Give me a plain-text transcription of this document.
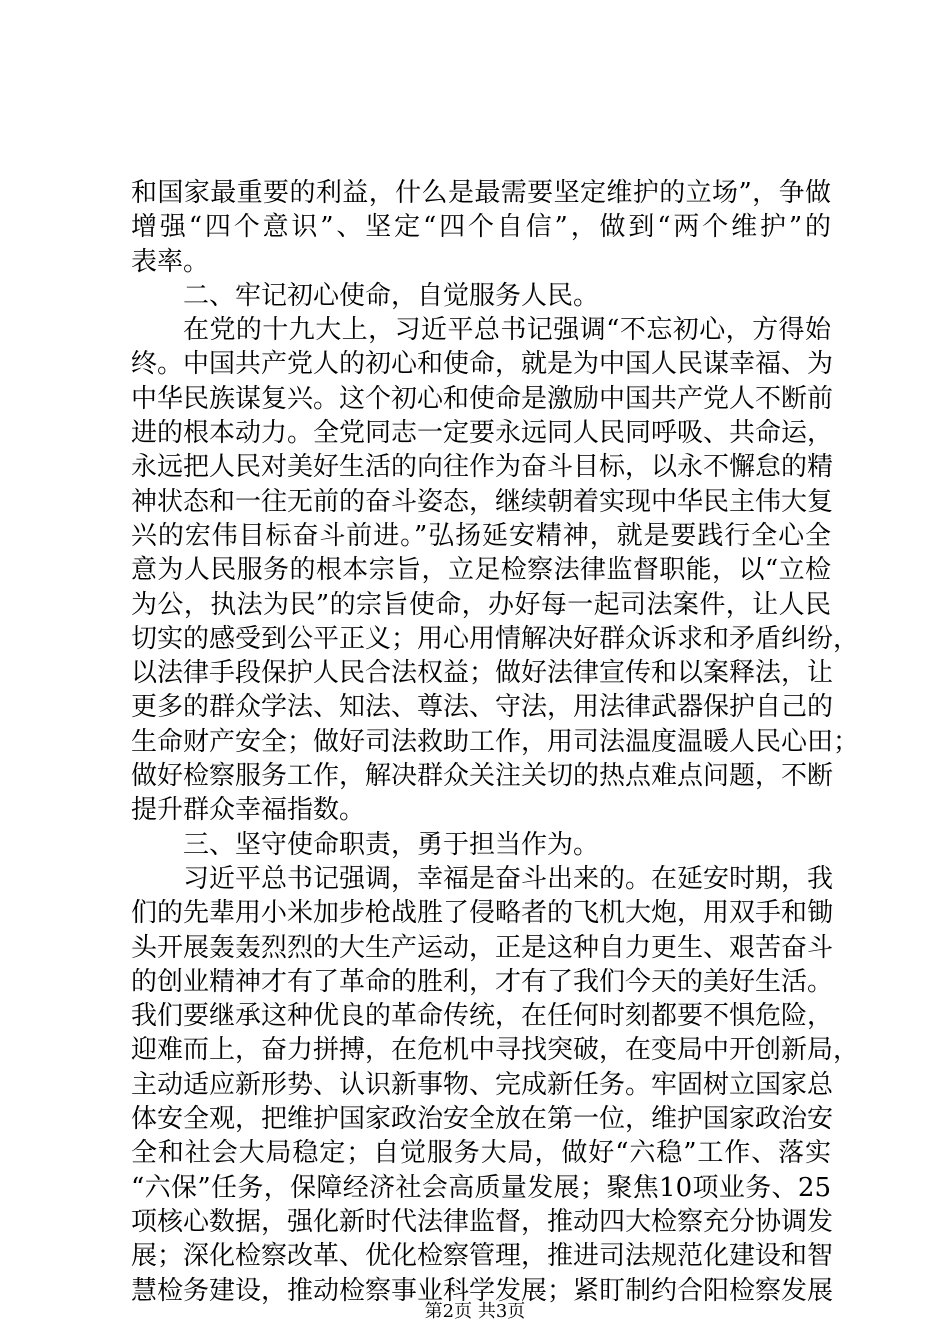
和国家最重要的利益，什么是最需要坚定维护的立场”，争做
增强“四个意识”、坚定“四个自信”，做到“两个维护”的
表率。
二、牢记初心使命，自觉服务人民。
在党的十九大上，习近平总书记强调“不忘初心，方得始
终。中国共产党人的初心和使命，就是为中国人民谋幸福、为
中华民族谋复兴。这个初心和使命是激励中国共产党人不断前
进的根本动力。全党同志一定要永远同人民同呼吸、共命运，
永远把人民对美好生活的向往作为奋斗目标，以永不懈怠的精
神状态和一往无前的奋斗姿态，继续朝着实现中华民主伟大复
兴的宏伟目标奋斗前进。”弘扬延安精神，就是要践行全心全
意为人民服务的根本宗旨，立足检察法律监督职能，以“立检
为公，执法为民”的宗旨使命，办好每一起司法案件，让人民
切实的感受到公平正义；用心用情解决好群众诉求和矛盾纠纷，
以法律手段保护人民合法权益；做好法律宣传和以案释法，让
更多的群众学法、知法、尊法、守法，用法律武器保护自己的
生命财产安全；做好司法救助工作，用司法温度温暖人民心田；
做好检察服务工作，解决群众关注关切的热点难点问题，不断
提升群众幸福指数。
三、坚守使命职责，勇于担当作为。
习近平总书记强调，幸福是奋斗出来的。在延安时期，我
们的先辈用小米加步枪战胜了侵略者的飞机大炮，用双手和锄
头开展轰轰烈烈的大生产运动，正是这种自力更生、艰苦奋斗
的创业精神才有了革命的胜利，才有了我们今天的美好生活。
我们要继承这种优良的革命传统，在任何时刻都要不惧危险，
迎难而上，奋力拼搏，在危机中寻找突破，在变局中开创新局，
主动适应新形势、认识新事物、完成新任务。牢固树立国家总
体安全观，把维护国家政治安全放在第一位，维护国家政治安
全和社会大局稳定；自觉服务大局，做好“六稳”工作、落实
“六保”任务，保障经济社会高质量发展；聚焦10项业务、25
项核心数据，强化新时代法律监督，推动四大检察充分协调发
展；深化检察改革、优化检察管理，推进司法规范化建设和智
慧检务建设，推动检察事业科学发展；紧盯制约合阳检察发展
第2页 共3页
